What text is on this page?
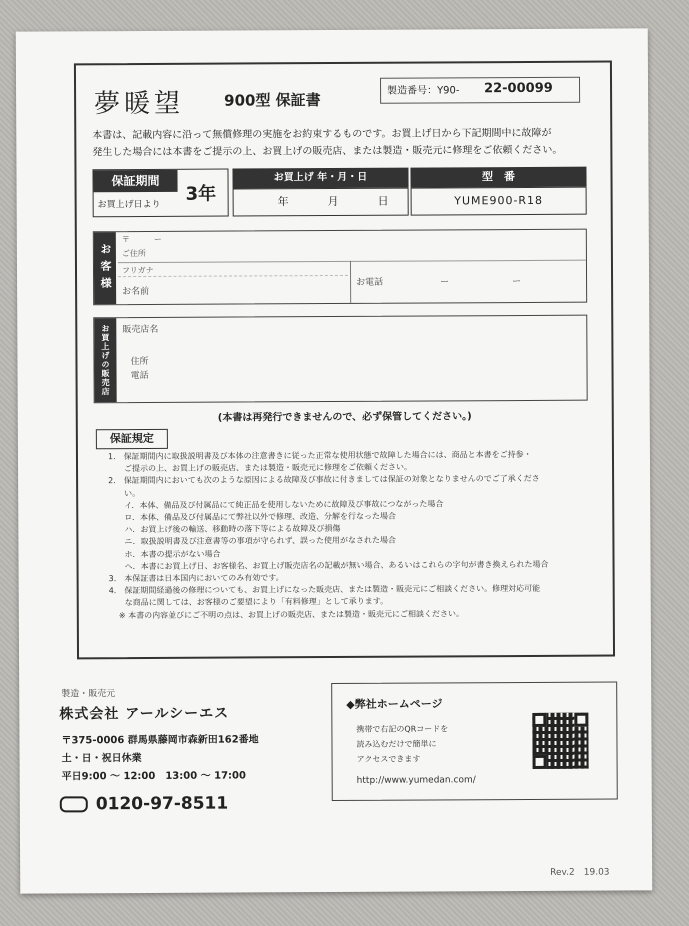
夢暖望	900型 保証書
製造番号：Y90-	22-00099
本書は、記載内容に沿って無償修理の実施をお約束するものです。お買上げ日から下記期間中に故障が
発生した場合には本書をご提示の上、お買上げの販売店、または製造・販売元に修理をご依頼ください。
保証期間
お買上げ日より
3年
お買上げ 年・月・日
年	月	日
型　番
YUME900-R18
お客様
〒　　　ー
ご住所
フリガナ
お名前
お電話	ー	ー
お買上げの販売店	販売店名
住所
電話
(本書は再発行できませんので、必ず保管してください。)
保証規定
1.　保証期間内に取扱説明書及び本体の注意書きに従った正常な使用状態で故障した場合には、商品と本書をご持参・
　　ご提示の上、お買上げの販売店、または製造・販売元に修理をご依頼ください。
2.　保証期間内においても次のような原因による故障及び事故に付きましては保証の対象となりませんのでご了承くださ
　　い。
イ．本体、備品及び付属品にて純正品を使用しないために故障及び事故につながった場合
ロ．本体、備品及び付属品にて弊社以外で修理、改造、分解を行なった場合
ハ．お買上げ後の輸送、移動時の落下等による故障及び損傷
ニ．取扱説明書及び注意書等の事項が守られず、誤った使用がなされた場合
ホ．本書の提示がない場合
ヘ．本書にお買上げ日、お客様名、お買上げ販売店名の記載が無い場合、あるいはこれらの字句が書き換えられた場合
3.　本保証書は日本国内においてのみ有効です。
4.　保証期間経過後の修理についても、お買上げになった販売店、または製造・販売元にご相談ください。修理対応可能
　　な商品に関しては、お客様のご要望により「有料修理」として承ります。
※ 本書の内容並びにご不明の点は、お買上げの販売店、または製造・販売元にご相談ください。
製造・販売元
株式会社 アールシーエス
〒375-0006 群馬県藤岡市森新田162番地
土・日・祝日休業
平日9:00 ～ 12:00　13:00 ～ 17:00
0120-97-8511
◆弊社ホームページ
携帯で右記のQRコードを
読み込むだけで簡単に
アクセスできます
http://www.yumedan.com/
Rev.2　19.03
